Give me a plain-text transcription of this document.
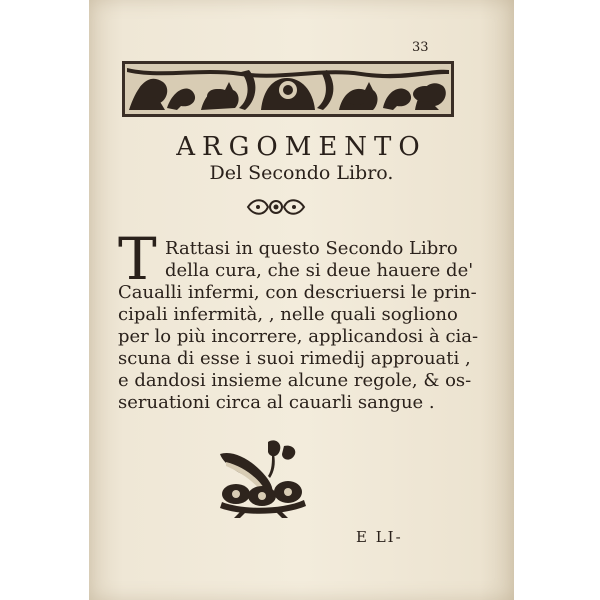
33
ARGOMENTO
Del Secondo Libro.
T Rattasi in questo Secondo Libro
della cura, che si deue hauere de'
Caualli infermi, con descriuersi le prin-
cipali infermità, , nelle quali sogliono
per lo più incorrere, applicandosi à cia-
scuna di esse i suoi rimedij approuati ,
e dandosi insieme alcune regole, & os-
seruationi circa al cauarli sangue .
E LI-
